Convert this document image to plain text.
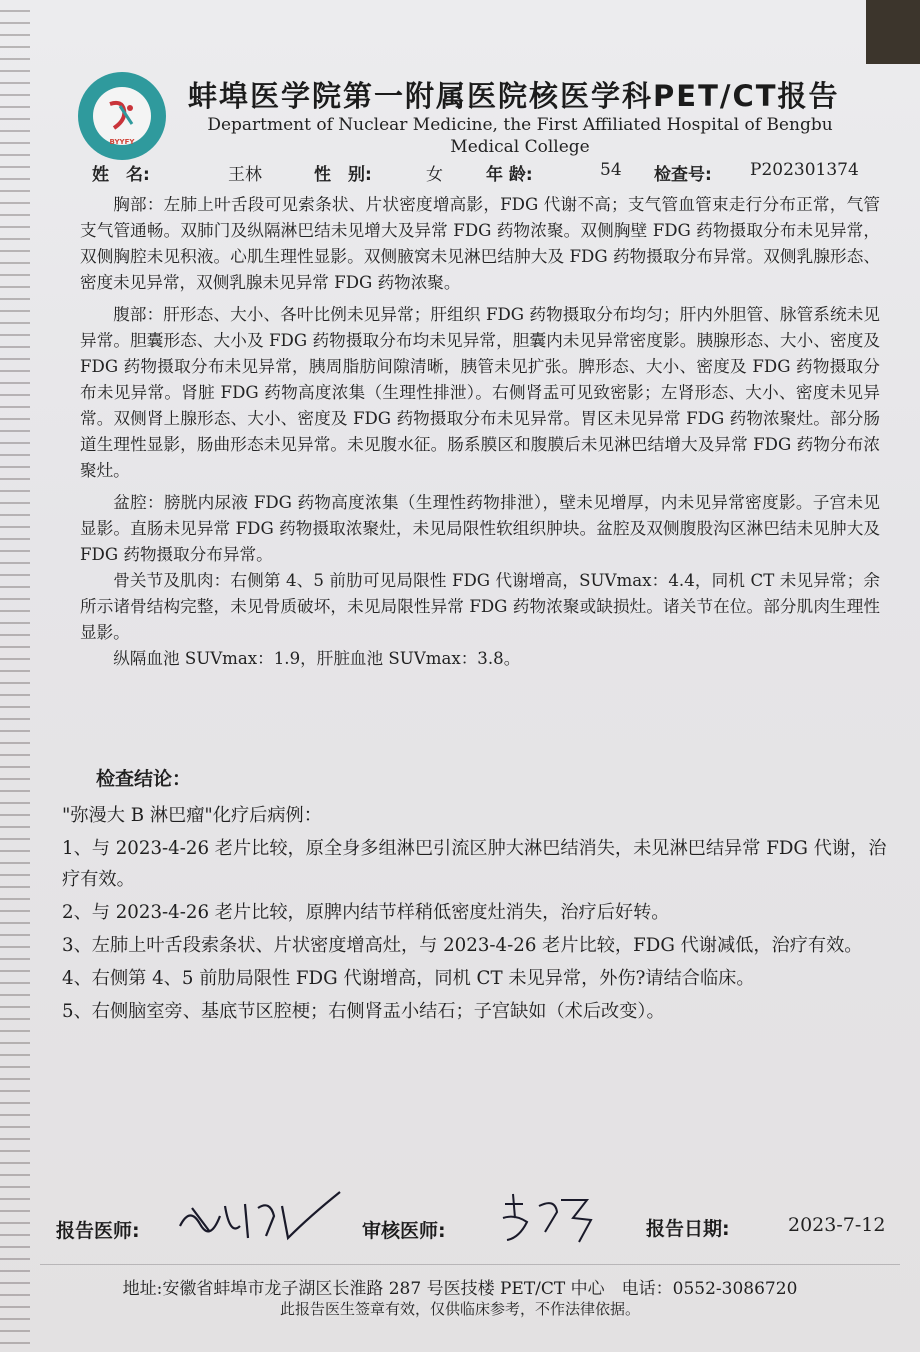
BYYFY
蚌埠医学院第一附属医院核医学科PET/CT报告
Department of Nuclear Medicine, the First Affiliated Hospital of Bengbu Medical College
姓　名:	王林	性　别:	女	年 龄:	54 检查号: P202301374

胸部：左肺上叶舌段可见索条状、片状密度增高影，FDG 代谢不高；支气管血管束走行分布正常，气管支气管通畅。双肺门及纵隔淋巴结未见增大及异常 FDG 药物浓聚。双侧胸壁 FDG 药物摄取分布未见异常，双侧胸腔未见积液。心肌生理性显影。双侧腋窝未见淋巴结肿大及 FDG 药物摄取分布异常。双侧乳腺形态、密度未见异常，双侧乳腺未见异常 FDG 药物浓聚。

腹部：肝形态、大小、各叶比例未见异常；肝组织 FDG 药物摄取分布均匀；肝内外胆管、脉管系统未见异常。胆囊形态、大小及 FDG 药物摄取分布均未见异常，胆囊内未见异常密度影。胰腺形态、大小、密度及 FDG 药物摄取分布未见异常，胰周脂肪间隙清晰，胰管未见扩张。脾形态、大小、密度及 FDG 药物摄取分布未见异常。肾脏 FDG 药物高度浓集（生理性排泄）。右侧肾盂可见致密影；左肾形态、大小、密度未见异常。双侧肾上腺形态、大小、密度及 FDG 药物摄取分布未见异常。胃区未见异常 FDG 药物浓聚灶。部分肠道生理性显影，肠曲形态未见异常。未见腹水征。肠系膜区和腹膜后未见淋巴结增大及异常 FDG 药物分布浓聚灶。

盆腔：膀胱内尿液 FDG 药物高度浓集（生理性药物排泄），壁未见增厚，内未见异常密度影。子宫未见显影。直肠未见异常 FDG 药物摄取浓聚灶，未见局限性软组织肿块。盆腔及双侧腹股沟区淋巴结未见肿大及 FDG 药物摄取分布异常。

骨关节及肌肉：右侧第 4、5 前肋可见局限性 FDG 代谢增高，SUVmax：4.4，同机 CT 未见异常；余所示诸骨结构完整，未见骨质破坏，未见局限性异常 FDG 药物浓聚或缺损灶。诸关节在位。部分肌肉生理性显影。

纵隔血池 SUVmax：1.9，肝脏血池 SUVmax：3.8。

检查结论：

"弥漫大 B 淋巴瘤"化疗后病例：

1、与 2023-4-26 老片比较，原全身多组淋巴引流区肿大淋巴结消失，未见淋巴结异常 FDG 代谢，治疗有效。

2、与 2023-4-26 老片比较，原脾内结节样稍低密度灶消失，治疗后好转。

3、左肺上叶舌段索条状、片状密度增高灶，与 2023-4-26 老片比较，FDG 代谢减低，治疗有效。

4、右侧第 4、5 前肋局限性 FDG 代谢增高，同机 CT 未见异常，外伤?请结合临床。

5、右侧脑室旁、基底节区腔梗；右侧肾盂小结石；子宫缺如（术后改变）。

报告医师:	审核医师:	报告日期:	2023-7-12
地址:安徽省蚌埠市龙子湖区长淮路 287 号医技楼 PET/CT 中心　电话：0552-3086720
此报告医生签章有效，仅供临床参考，不作法律依据。
